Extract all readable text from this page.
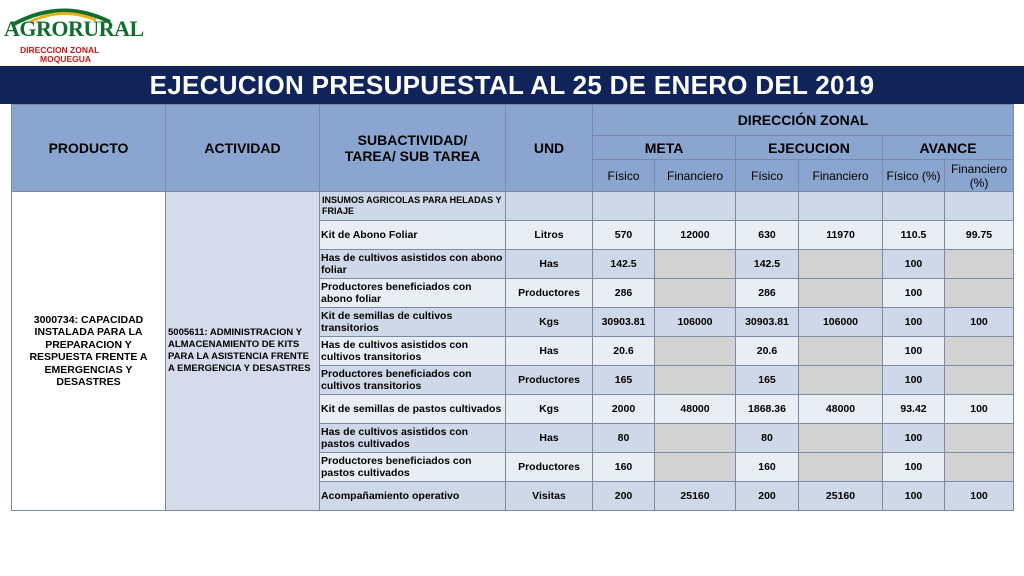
AGRORURAL
DIRECCION ZONAL
MOQUEGUA
EJECUCION PRESUPUESTAL AL 25 DE ENERO DEL 2019
PRODUCTO	ACTIVIDAD	SUBACTIVIDAD/
TAREA/ SUB TAREA	UND	DIRECCIÓN ZONAL					
				META		EJECUCION		AVANCE	
				Físico	Financiero	Físico	Financiero	Físico (%)	Financiero (%)
3000734: CAPACIDAD INSTALADA PARA LA PREPARACION Y RESPUESTA FRENTE A EMERGENCIAS Y DESASTRES	5005611: ADMINISTRACION Y ALMACENAMIENTO DE KITS PARA LA ASISTENCIA FRENTE A EMERGENCIA Y DESASTRES	INSUMOS AGRICOLAS PARA HELADAS Y FRIAJE							
		Kit de Abono Foliar	Litros	570	12000	630	11970	110.5	99.75
		Has de cultivos asistidos con abono foliar	Has	142.5		142.5		100	
		Productores beneficiados con abono foliar	Productores	286		286		100	
		Kit de semillas de cultivos transitorios	Kgs	30903.81	106000	30903.81	106000	100	100
		Has de cultivos asistidos con cultivos transitorios	Has	20.6		20.6		100	
		Productores beneficiados con cultivos transitorios	Productores	165		165		100	
		Kit de semillas de pastos cultivados	Kgs	2000	48000	1868.36	48000	93.42	100
		Has de cultivos asistidos con pastos cultivados	Has	80		80		100	
		Productores beneficiados con pastos cultivados	Productores	160		160		100	
		Acompañamiento operativo	Visitas	200	25160	200	25160	100	100
